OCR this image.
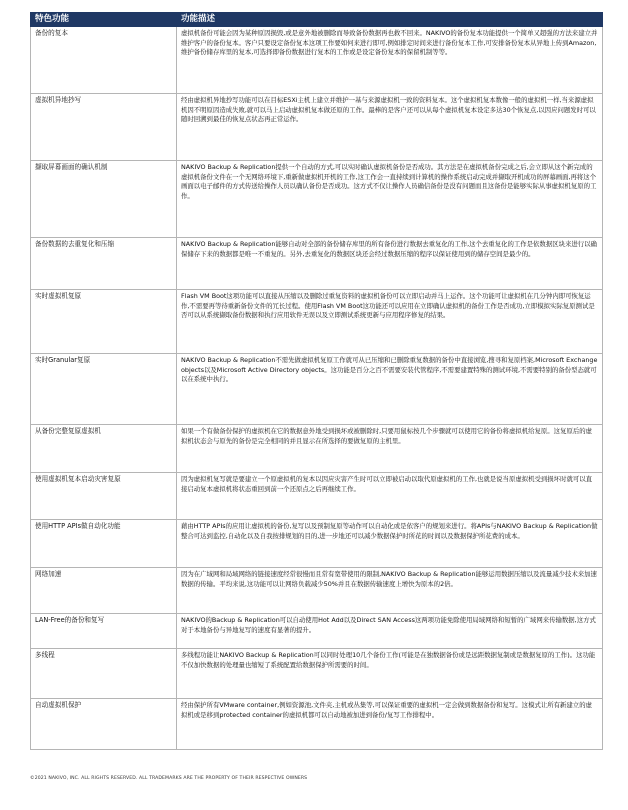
特色功能	功能描述
备份的复本	虚拟机备份可能会因为某种原因损毁,或是意外地被删除而导致备份数据再也救不回来。NAKIVO的备份复本功能提供一个简单又超强的方法来建立并维护客户的备份复本。客户只要设定备份复本这项工作要如何来进行即可,例如排定时间来进行备份复本工作,可安排备份复本从异地上传到Amazon,维护备份储存库里的复本,可选择即备份数据进行复本的工作或是设定备份复本的保留机制等等。
虚拟机异地抄写	经由虚拟机异地抄写功能可以在目标ESXi主机上建立并维护一基与来源虚拟机一致的资料复本。这个虚拟机复本数像一般的虚拟机一样,当来源虚拟机因不明原因造成失败,就可以马上启动虚拟机复本做还原的工作。最棒的是客户还可以从每个虚拟机复本设定多达30个恢复点,以因应问题发时可以随时回溯到最佳的恢复点状态再正常运作。
撷取屏幕画面的确认机制	NAKIVO Backup & Replication提供一个自动的方式,可以实时确认虚拟机备份是否成功。其方法是在虚拟机备份完成之后,会立即从这个新完成的虚拟机备份文件在一个无网络环境下,重新做虚拟机开机的工作,这工作会一直持续到计算机的操作系统启动完成并撷取开机成功的屏幕画面,再将这个画面以电子邮件的方式传送给操作人员以确认备份是否成功。这方式不仅让操作人员确信备份是没有问题而且这备份是能够实际从事虚拟机复原的工作。
备份数据的去重复化和压缩	NAKIVO Backup & Replication能够自动对全部的备份储存库里的所有备份进行数据去重复化的工作,这个去重复化的工作是依数据区块来进行以确保储存下来的数据都是唯一不重复的。另外,去重复化的数据区块还会经过数据压缩的程序以保证使用到的储存空间是最少的。
实时虚拟机复原	Flash VM Boot这项功能可以直接从压缩以及删除过重复资料的虚拟机备份可以立即启动并马上运作。这个功能可让虚拟机在几分钟内即可恢复运作,不需要再等待重新备份文件的冗长过程。使用Flash VM Boot这功能还可以应用在立即确认虚拟机的备份工作是否成功,立即模拟实际复原测试是否可以从系统撷取备份数据和执行应用软件无误以及立即测试系统更新与应用程序修复的结果。
实时Granular复原	NAKIVO Backup & Replication不需先做虚拟机复原工作就可从已压缩和已删除重复数据的备份中直接浏览,搜寻和复原档案,Microsoft Exchange objects以及Microsoft Active Directory objects。这功能是百分之百不需要安装代管程序,不需要建置特殊的测试环境,不需要特别的备份型态就可以在系统中执行。
从备份完整复原虚拟机	如果一个有做备份保护的虚拟机在它的数据意外地受到损坏或被删除时,只要用鼠标按几个步骤就可以使用它的备份将虚拟机给复原。这复原后的虚拟机状态会与原先的备份是完全相同的并且显示在所选择的要做复原的主机里。
使用虚拟机复本启动灾害复原	因为虚拟机复写就是要建立一个原虚拟机的复本以因应灾害产生时可以立即被启动以取代原虚拟机的工作,也就是说当原虚拟机受到损坏时就可以直接启动复本虚拟机将状态重回到前一个还原点之后再继续工作。
使用HTTP APIs做自动化功能	藉由HTTP APIs的应用让虚拟机的备份,复写以及预制复原等动作可以自动化或是依客户的规划来进行。将APIs与NAKIVO Backup & Replication做整合可达到监控,自动化以及自我按排规划的目的,进一步地还可以减少数据保护时所花的时间以及数据保护所花费的成本。
网络加速	因为在广域网和局域网络的链接速度经常很慢而且常有宽带使用的限制,NAKIVO Backup & Replication能够运用数据压缩以及流量减少技术来加速数据的传输。平均来说,这功能可以让网络负载减少50%并且在数据传输速度上增快为原本的2倍。
LAN-Free的备份和复写	NAKIVO的Backup & Replication可以自动使用Hot Add以及Direct SAN Access这两项功能免除使用局域网络和短暂的广域网来传输数据,这方式对于本地备份与异地复写的速度有显著的提升。
多线程	多线程功能让NAKIVO Backup & Replication可以同时处理10几个备份工作(可能是在独数据备份或是远距数据复制或是数据复原的工作)。这功能不仅加快数据的处理量也缩短了系统配置给数据保护所需要的时间。
自动虚拟机保护	经由保护所有VMware container,例如资源池,文件夹,主机或丛集等,可以保证重要的虚拟机一定会做到数据备份和复写。这模式让所有新建立的虚拟机或是移到protected container的虚拟机都可以自动地被加进到备份/复写工作排程中。
©2021 NAKIVO, INC. ALL RIGHTS RESERVED. ALL TRADEMARKS ARE THE PROPERTY OF THEIR RESPECTIVE OWNERS
